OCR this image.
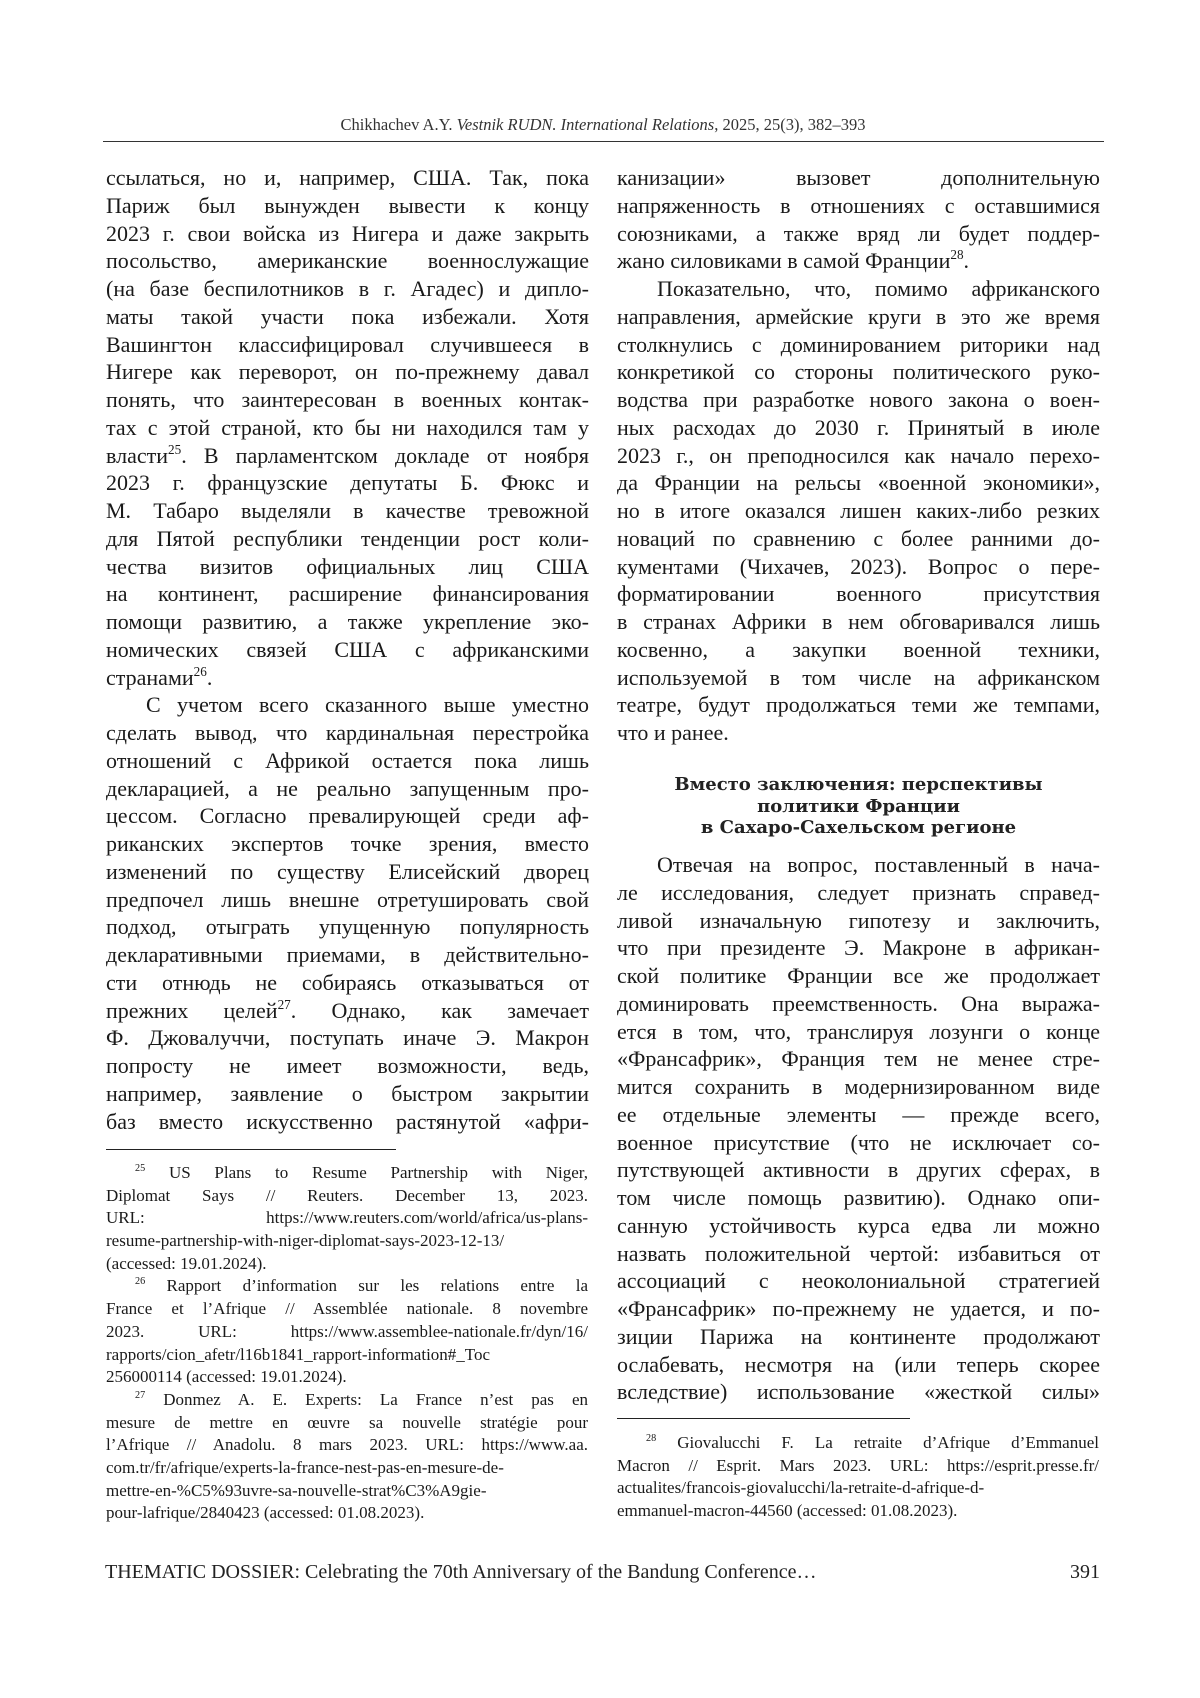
Chikhachev A.Y. Vestnik RUDN. International Relations, 2025, 25(3), 382–393
ссылаться, но и, например, США. Так, пока
Париж был вынужден вывести к концу
2023 г. свои войска из Нигера и даже закрыть
посольство, американские военнослужащие
(на базе беспилотников в г. Агадес) и дипло-
маты такой участи пока избежали. Хотя
Вашингтон классифицировал случившееся в
Нигере как переворот, он по-прежнему давал
понять, что заинтересован в военных контак-
тах с этой страной, кто бы ни находился там у
власти25. В парламентском докладе от ноября
2023 г. французские депутаты Б. Фюкс и
М. Табаро выделяли в качестве тревожной
для Пятой республики тенденции рост коли-
чества визитов официальных лиц США
на континент, расширение финансирования
помощи развитию, а также укрепление эко-
номических связей США с африканскими
странами26.
С учетом всего сказанного выше уместно
сделать вывод, что кардинальная перестройка
отношений с Африкой остается пока лишь
декларацией, а не реально запущенным про-
цессом. Согласно превалирующей среди аф-
риканских экспертов точке зрения, вместо
изменений по существу Елисейский дворец
предпочел лишь внешне отретушировать свой
подход, отыграть упущенную популярность
декларативными приемами, в действительно-
сти отнюдь не собираясь отказываться от
прежних целей27. Однако, как замечает
Ф. Джовалуччи, поступать иначе Э. Макрон
попросту не имеет возможности, ведь,
например, заявление о быстром закрытии
баз вместо искусственно растянутой «афри-
канизации» вызовет дополнительную
напряженность в отношениях с оставшимися
союзниками, а также вряд ли будет поддер-
жано силовиками в самой Франции28.
Показательно, что, помимо африканского
направления, армейские круги в это же время
столкнулись с доминированием риторики над
конкретикой со стороны политического руко-
водства при разработке нового закона о воен-
ных расходах до 2030 г. Принятый в июле
2023 г., он преподносился как начало перехо-
да Франции на рельсы «военной экономики»,
но в итоге оказался лишен каких-либо резких
новаций по сравнению с более ранними до-
кументами (Чихачев, 2023). Вопрос о пере-
форматировании военного присутствия
в странах Африки в нем обговаривался лишь
косвенно, а закупки военной техники,
используемой в том числе на африканском
театре, будут продолжаться теми же темпами,
что и ранее.
Вместо заключения: перспективы
политики Франции
в Сахаро-Сахельском регионе
Отвечая на вопрос, поставленный в нача-
ле исследования, следует признать справед-
ливой изначальную гипотезу и заключить,
что при президенте Э. Макроне в африкан-
ской политике Франции все же продолжает
доминировать преемственность. Она выража-
ется в том, что, транслируя лозунги о конце
«Франсафрик», Франция тем не менее стре-
мится сохранить в модернизированном виде
ее отдельные элементы — прежде всего,
военное присутствие (что не исключает со-
путствующей активности в других сферах, в
том числе помощь развитию). Однако опи-
санную устойчивость курса едва ли можно
назвать положительной чертой: избавиться от
ассоциаций с неоколониальной стратегией
«Франсафрик» по-прежнему не удается, и по-
зиции Парижа на континенте продолжают
ослабевать, несмотря на (или теперь скорее
вследствие) использование «жесткой силы»
25 US Plans to Resume Partnership with Niger,
Diplomat Says // Reuters. December 13, 2023.
URL: https://www.reuters.com/world/africa/us-plans-
resume-partnership-with-niger-diplomat-says-2023-12-13/
(accessed: 19.01.2024).
26 Rapport d’information sur les relations entre la
France et l’Afrique // Assemblée nationale. 8 novembre
2023. URL: https://www.assemblee-nationale.fr/dyn/16/
rapports/cion_afetr/l16b1841_rapport-information#_Toc
256000114 (accessed: 19.01.2024).
27 Donmez A. E. Experts: La France n’est pas en
mesure de mettre en œuvre sa nouvelle stratégie pour
l’Afrique // Anadolu. 8 mars 2023. URL: https://www.aa.
com.tr/fr/afrique/experts-la-france-nest-pas-en-mesure-de-
mettre-en-%C5%93uvre-sa-nouvelle-strat%C3%A9gie-
pour-lafrique/2840423 (accessed: 01.08.2023).
28 Giovalucchi F. La retraite d’Afrique d’Emmanuel
Macron // Esprit. Mars 2023. URL: https://esprit.presse.fr/
actualites/francois-giovalucchi/la-retraite-d-afrique-d-
emmanuel-macron-44560 (accessed: 01.08.2023).
THEMATIC DOSSIER: Celebrating the 70th Anniversary of the Bandung Conference…	391
